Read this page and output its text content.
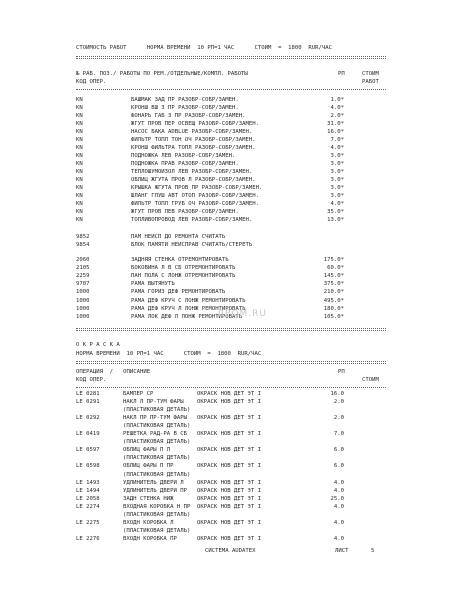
СТОИМОСТЬ РАБОТ      НОРМА ВРЕМЕНИ  10 РП=1 ЧАС      СТОИМ  =  1800  RUR/ЧАС
№ РАБ. ПОЗ./ РАБОТЫ ПО РЕМ./ОТДЕЛЬНЫЕ/КОМПЛ. РАБОТЫ	РП	СТОИМ
КОД ОПЕР.	РАБОТ
KN	БАШМАК ЗАД ПР РАЗОБР-СОБР/ЗАМЕН.	1.0*
KN	КРОНШ ВШ З ПР РАЗОБР-СОБР/ЗАМЕН.	4.0*
KN	ФОНАРЬ ГАБ З ПР РАЗОБР-СОБР/ЗАМЕН.	2.0*
KN	ЖГУТ ПРОВ ПЕР ОСВЕЩ РАЗОБР-СОБР/ЗАМЕН.	31.0*
KN	НАСОС БАКА ADBLUE РАЗОБР-СОБР/ЗАМЕН.	16.0*
KN	ФИЛЬТР ТОПЛ ТОН ОЧ РАЗОБР-СОБР/ЗАМЕН.	7.0*
KN	КРОНШ ФИЛЬТРА ТОПЛ РАЗОБР-СОБР/ЗАМЕН.	4.0*
KN	ПОДНОЖКА ЛЕВ РАЗОБР-СОБР/ЗАМЕН.	3.0*
KN	ПОДНОЖКА ПРАВ РАЗОБР-СОБР/ЗАМЕН.	3.0*
KN	ТЕПЛОШУМОИЗОЛ ЛЕВ РАЗОБР-СОБР/ЗАМЕН.	3.0*
KN	ОБЛИЦ ЖГУТА ПРОВ Л РАЗОБР-СОБР/ЗАМЕН.	3.0*
KN	КРЫШКА ЖГУТА ПРОВ ПР РАЗОБР-СОБР/ЗАМЕН.	3.0*
KN	ШЛАНГ ГЛУШ АВТ ОТОП РАЗОБР-СОБР/ЗАМЕН.	3.0*
KN	ФИЛЬТР ТОПЛ ГРУБ ОЧ РАЗОБР-СОБР/ЗАМЕН.	4.0*
KN	ЖГУТ ПРОВ ЛЕВ РАЗОБР-СОБР/ЗАМЕН.	35.0*
KN	ТОПЛИВОПРОВОД ЛЕВ РАЗОБР-СОБР/ЗАМЕН.	13.0*
9852	ПАМ НЕИСП ДО РЕМОНТА СЧИТАТЬ
9854	БЛОК ПАМЯТИ НЕИСПРАВ СЧИТАТЬ/СТЕРЕТЬ
2060	ЗАДНЯЯ СТЕНКА ОТРЕМОНТИРОВАТЬ	175.0*
2105	БОКОВИНА Л В СБ ОТРЕМОНТИРОВАТЬ	60.0*
2259	ПАН ПОЛА С ЛОНЖ ОТРЕМОНТИРОВАТЬ	145.0*
9707	РАМА ВЫТЯНУТЬ	375.0*
1000	РАМА ГОРИЗ ДЕФ РЕМОНТИРОВАТЬ	210.0*
1000	РАМА ДЕФ КРУЧ С ЛОНЖ РЕМОНТИРОВАТЬ	495.0*
1000	РАМА ДЕФ КРУЧ Л ЛОНЖ РЕМОНТИРОВАТЬ	180.0*
1000	РАМА ЛОК ДЕФ Л ЛОНЖ РЕМОНТИРОВАТЬ	105.0*
ДРОМ.RU
О К Р А С К А
НОРМА ВРЕМЕНИ  10 РП=1 ЧАС      СТОИМ  =  1800  RUR/ЧАС
ОПЕРАЦИЯ  /   ОПИСАНИЕ	РП
КОД ОПЕР.	СТОИМ
LE 0281	БАМПЕР СР	ОКРАСК НОВ ДЕТ ЭТ I	16.0
LE 0291	НАКЛ Л ПР-ТУМ ФАРЫ ОКРАСК НОВ ДЕТ ЭТ I	2.0
(ПЛАСТИКОВАЯ ДЕТАЛЬ)
LE 0292	НАКЛ ПР ПР-ТУМ ФАРЫ ОКРАСК НОВ ДЕТ ЭТ I	2.0
(ПЛАСТИКОВАЯ ДЕТАЛЬ)
LE 0419	РЕШЕТКА РАД-РА В СБ ОКРАСК НОВ ДЕТ ЭТ I	7.0
(ПЛАСТИКОВАЯ ДЕТАЛЬ)
LE 0597	ОБЛИЦ ФАРЫ П Л	ОКРАСК НОВ ДЕТ ЭТ I	6.0
(ПЛАСТИКОВАЯ ДЕТАЛЬ)
LE 0598	ОБЛИЦ ФАРЫ П ПР	ОКРАСК НОВ ДЕТ ЭТ I	6.0
(ПЛАСТИКОВАЯ ДЕТАЛЬ)
LE 1493	УДЛИНИТЕЛЬ ДВЕРИ Л ОКРАСК НОВ ДЕТ ЭТ I	4.0
LE 1494	УДЛИНИТЕЛЬ ДВЕРИ ПР ОКРАСК НОВ ДЕТ ЭТ I	4.0
LE 2058	ЗАДН СТЕНКА НИЖ	ОКРАСК НОВ ДЕТ ЭТ I	25.0
LE 2274	ВХОДНАЯ КОРОБКА Н ПР ОКРАСК НОВ ДЕТ ЭТ I	4.0
(ПЛАСТИКОВАЯ ДЕТАЛЬ)
LE 2275	ВХОДН КОРОБКА Л	ОКРАСК НОВ ДЕТ ЭТ I	4.0
(ПЛАСТИКОВАЯ ДЕТАЛЬ)
LE 2276	ВХОДН КОРОБКА ПР	ОКРАСК НОВ ДЕТ ЭТ I	4.0
СИСТЕМА AUDATEX	ЛИСТ	5
